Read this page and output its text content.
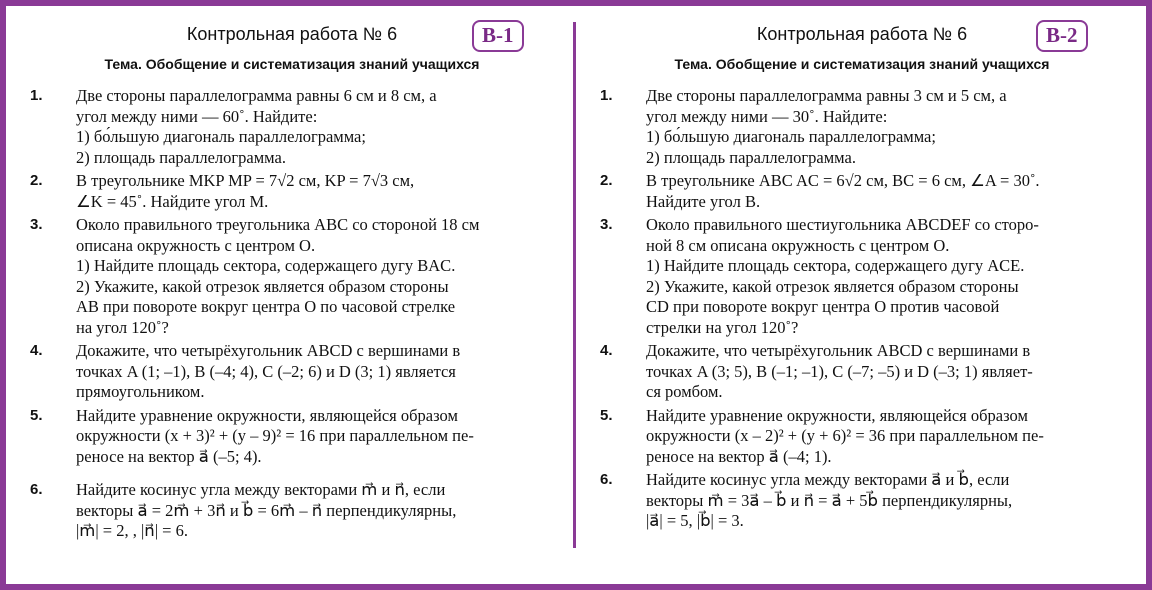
Контрольная работа № 6	В-1
Тема. Обобщение и систематизация знаний учащихся
1. Две стороны параллелограмма равны 6 см и 8 см, а
угол между ними — 60˚. Найдите:
1) бо́льшую диагональ параллелограмма;
2) площадь параллелограмма.
2. В треугольнике MKP MP = 7√2 см, KP = 7√3 см,
∠K = 45˚. Найдите угол M.
3. Около правильного треугольника ABC со стороной 18 см
описана окружность с центром O.
1) Найдите площадь сектора, содержащего дугу BAC.
2) Укажите, какой отрезок является образом стороны
AB при повороте вокруг центра O по часовой стрелке
на угол 120˚?
4. Докажите, что четырёхугольник ABCD с вершинами в
точках A (1; –1), B (–4; 4), C (–2; 6) и D (3; 1) является
прямоугольником.
5. Найдите уравнение окружности, являющейся образом
окружности (x + 3)² + (y – 9)² = 16 при параллельном пе-
реносе на вектор a⃗ (–5; 4).
6. Найдите косинус угла между векторами m⃗ и n⃗, если
векторы a⃗ = 2m⃗ + 3n⃗ и b⃗ = 6m⃗ – n⃗ перпендикулярны,
|m⃗| = 2, , |n⃗| = 6.
Контрольная работа № 6	В-2
Тема. Обобщение и систематизация знаний учащихся
1. Две стороны параллелограмма равны 3 см и 5 см, а
угол между ними — 30˚. Найдите:
1) бо́льшую диагональ параллелограмма;
2) площадь параллелограмма.
2. В треугольнике ABC AC = 6√2 см, BC = 6 см, ∠A = 30˚.
Найдите угол B.
3. Около правильного шестиугольника ABCDEF со сторо-
ной 8 см описана окружность с центром O.
1) Найдите площадь сектора, содержащего дугу ACE.
2) Укажите, какой отрезок является образом стороны
CD при повороте вокруг центра O против часовой
стрелки на угол 120˚?
4. Докажите, что четырёхугольник ABCD с вершинами в
точках A (3; 5), B (–1; –1), C (–7; –5) и D (–3; 1) являет-
ся ромбом.
5. Найдите уравнение окружности, являющейся образом
окружности (x – 2)² + (y + 6)² = 36 при параллельном пе-
реносе на вектор a⃗ (–4; 1).
6. Найдите косинус угла между векторами a⃗ и b⃗, если
векторы m⃗ = 3a⃗ – b⃗ и n⃗ = a⃗ + 5b⃗ перпендикулярны,
|a⃗| = 5, |b⃗| = 3.
